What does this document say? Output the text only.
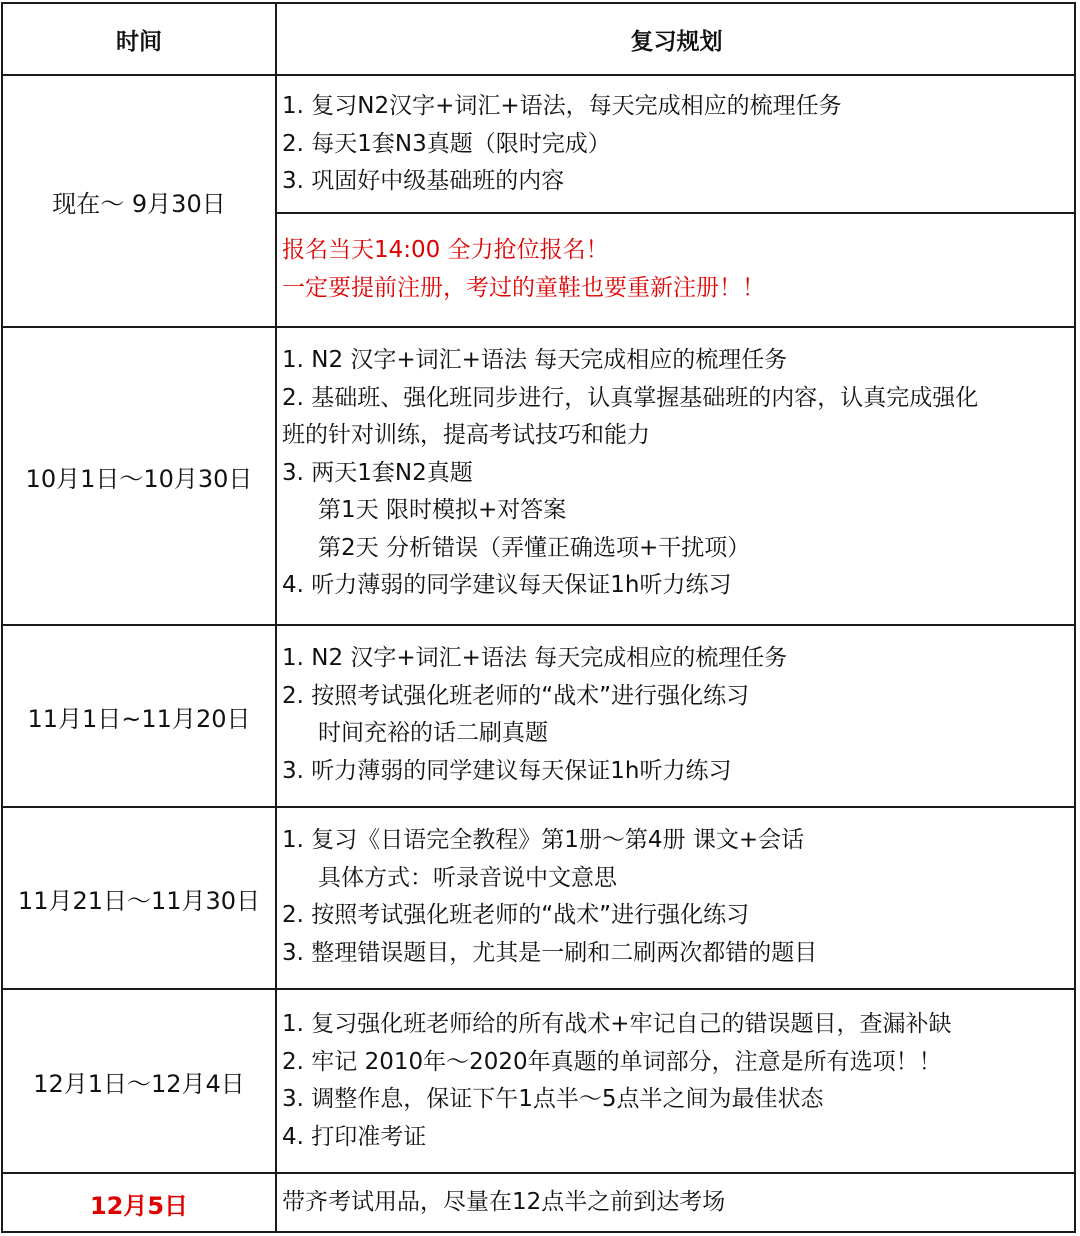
时间	复习规划
现在～ 9月30日
1. 复习N2汉字+词汇+语法，每天完成相应的梳理任务
2. 每天1套N3真题（限时完成）
3. 巩固好中级基础班的内容
报名当天14:00 全力抢位报名！
一定要提前注册，考过的童鞋也要重新注册！！
10月1日～10月30日
1. N2 汉字+词汇+语法 每天完成相应的梳理任务
2. 基础班、强化班同步进行，认真掌握基础班的内容，认真完成强化
班的针对训练，提高考试技巧和能力
3. 两天1套N2真题
第1天 限时模拟+对答案
第2天 分析错误（弄懂正确选项+干扰项）
4. 听力薄弱的同学建议每天保证1h听力练习
11月1日~11月20日
1. N2 汉字+词汇+语法 每天完成相应的梳理任务
2. 按照考试强化班老师的“战术”进行强化练习
时间充裕的话二刷真题
3. 听力薄弱的同学建议每天保证1h听力练习
11月21日～11月30日
1. 复习《日语完全教程》第1册～第4册 课文+会话
具体方式：听录音说中文意思
2. 按照考试强化班老师的“战术”进行强化练习
3. 整理错误题目，尤其是一刷和二刷两次都错的题目
12月1日～12月4日
1. 复习强化班老师给的所有战术+牢记自己的错误题目，查漏补缺
2. 牢记 2010年～2020年真题的单词部分，注意是所有选项！！
3. 调整作息，保证下午1点半～5点半之间为最佳状态
4. 打印准考证
12月5日	带齐考试用品，尽量在12点半之前到达考场
